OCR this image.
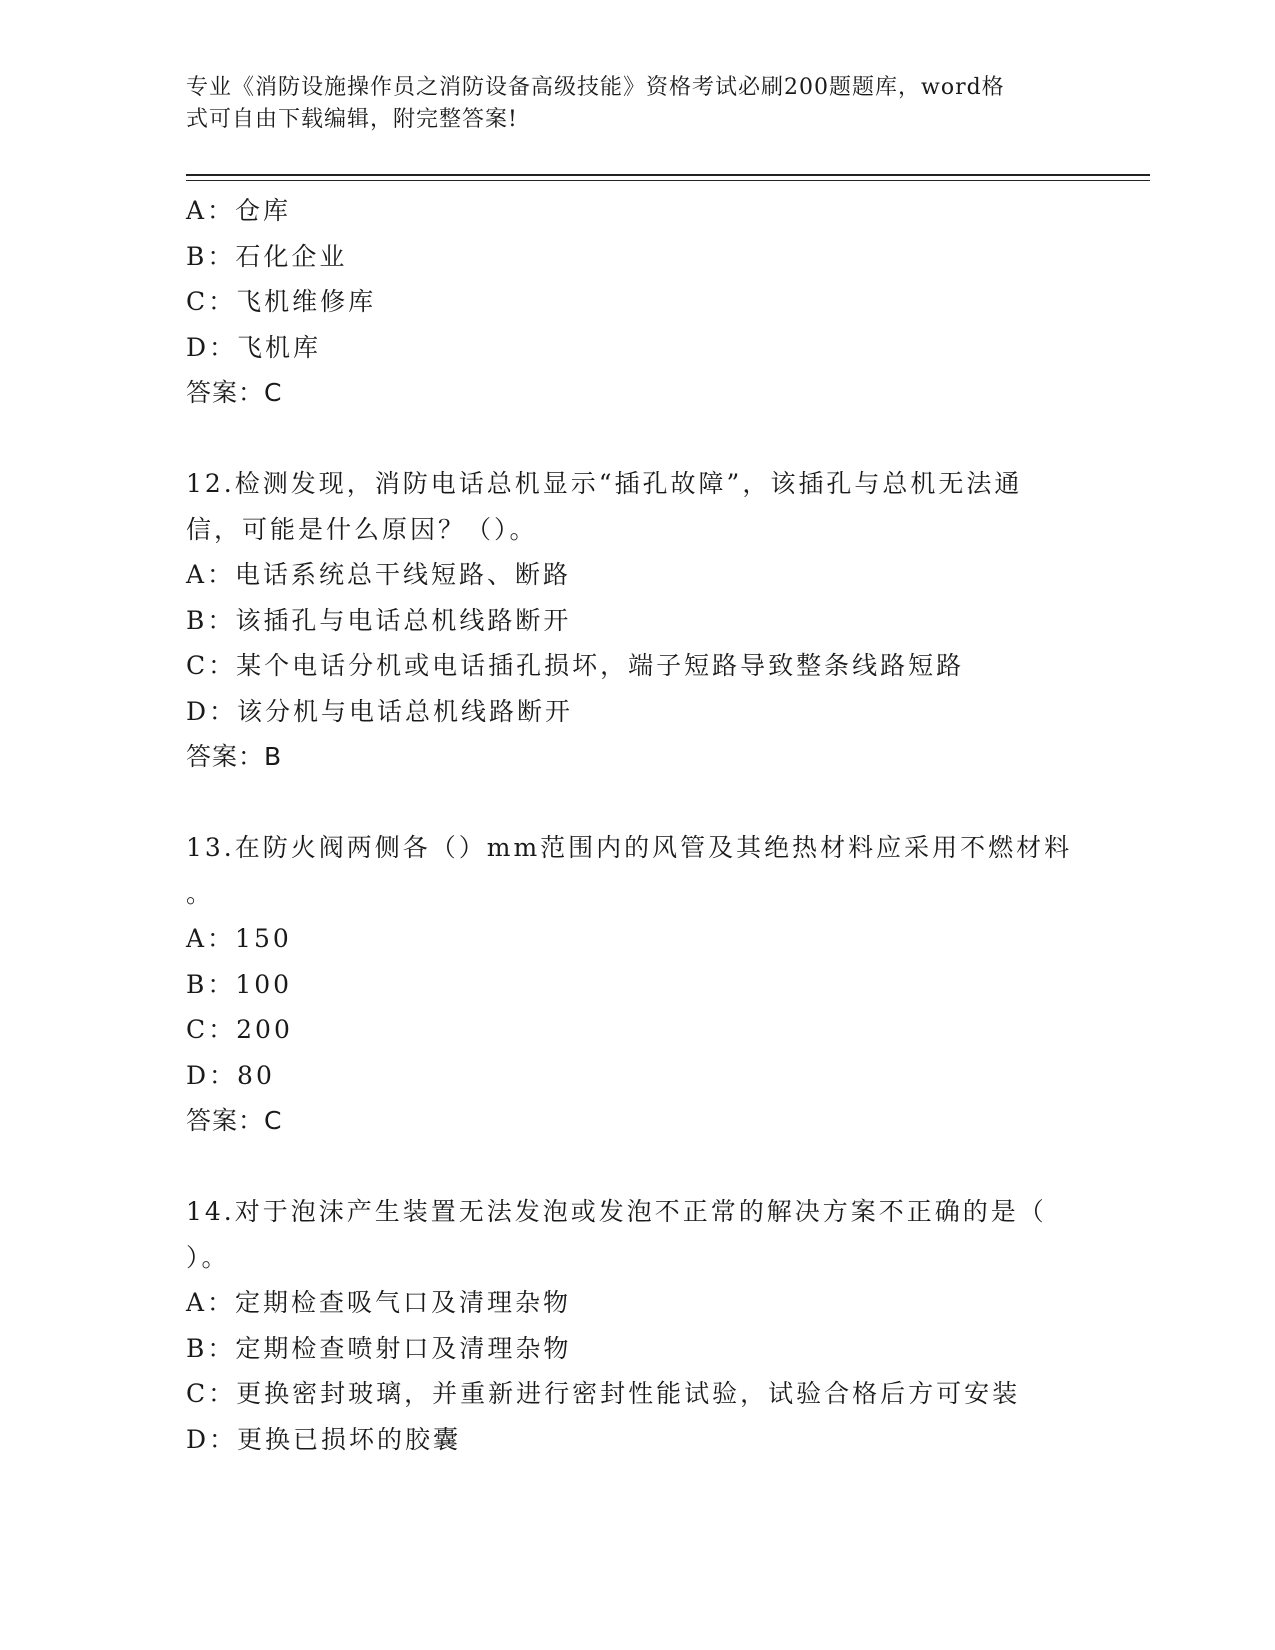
专业《消防设施操作员之消防设备高级技能》资格考试必刷200题题库，word格
式可自由下载编辑，附完整答案!
A：仓库
B：石化企业
C：飞机维修库
D：飞机库
答案：C
12.检测发现，消防电话总机显示“插孔故障”，该插孔与总机无法通
信，可能是什么原因？（）。
A：电话系统总干线短路、断路
B：该插孔与电话总机线路断开
C：某个电话分机或电话插孔损坏，端子短路导致整条线路短路
D：该分机与电话总机线路断开
答案：B
13.在防火阀两侧各（）mm范围内的风管及其绝热材料应采用不燃材料
。
A：150
B：100
C：200
D：80
答案：C
14.对于泡沫产生装置无法发泡或发泡不正常的解决方案不正确的是（
）。
A：定期检查吸气口及清理杂物
B：定期检查喷射口及清理杂物
C：更换密封玻璃，并重新进行密封性能试验，试验合格后方可安装
D：更换已损坏的胶囊
